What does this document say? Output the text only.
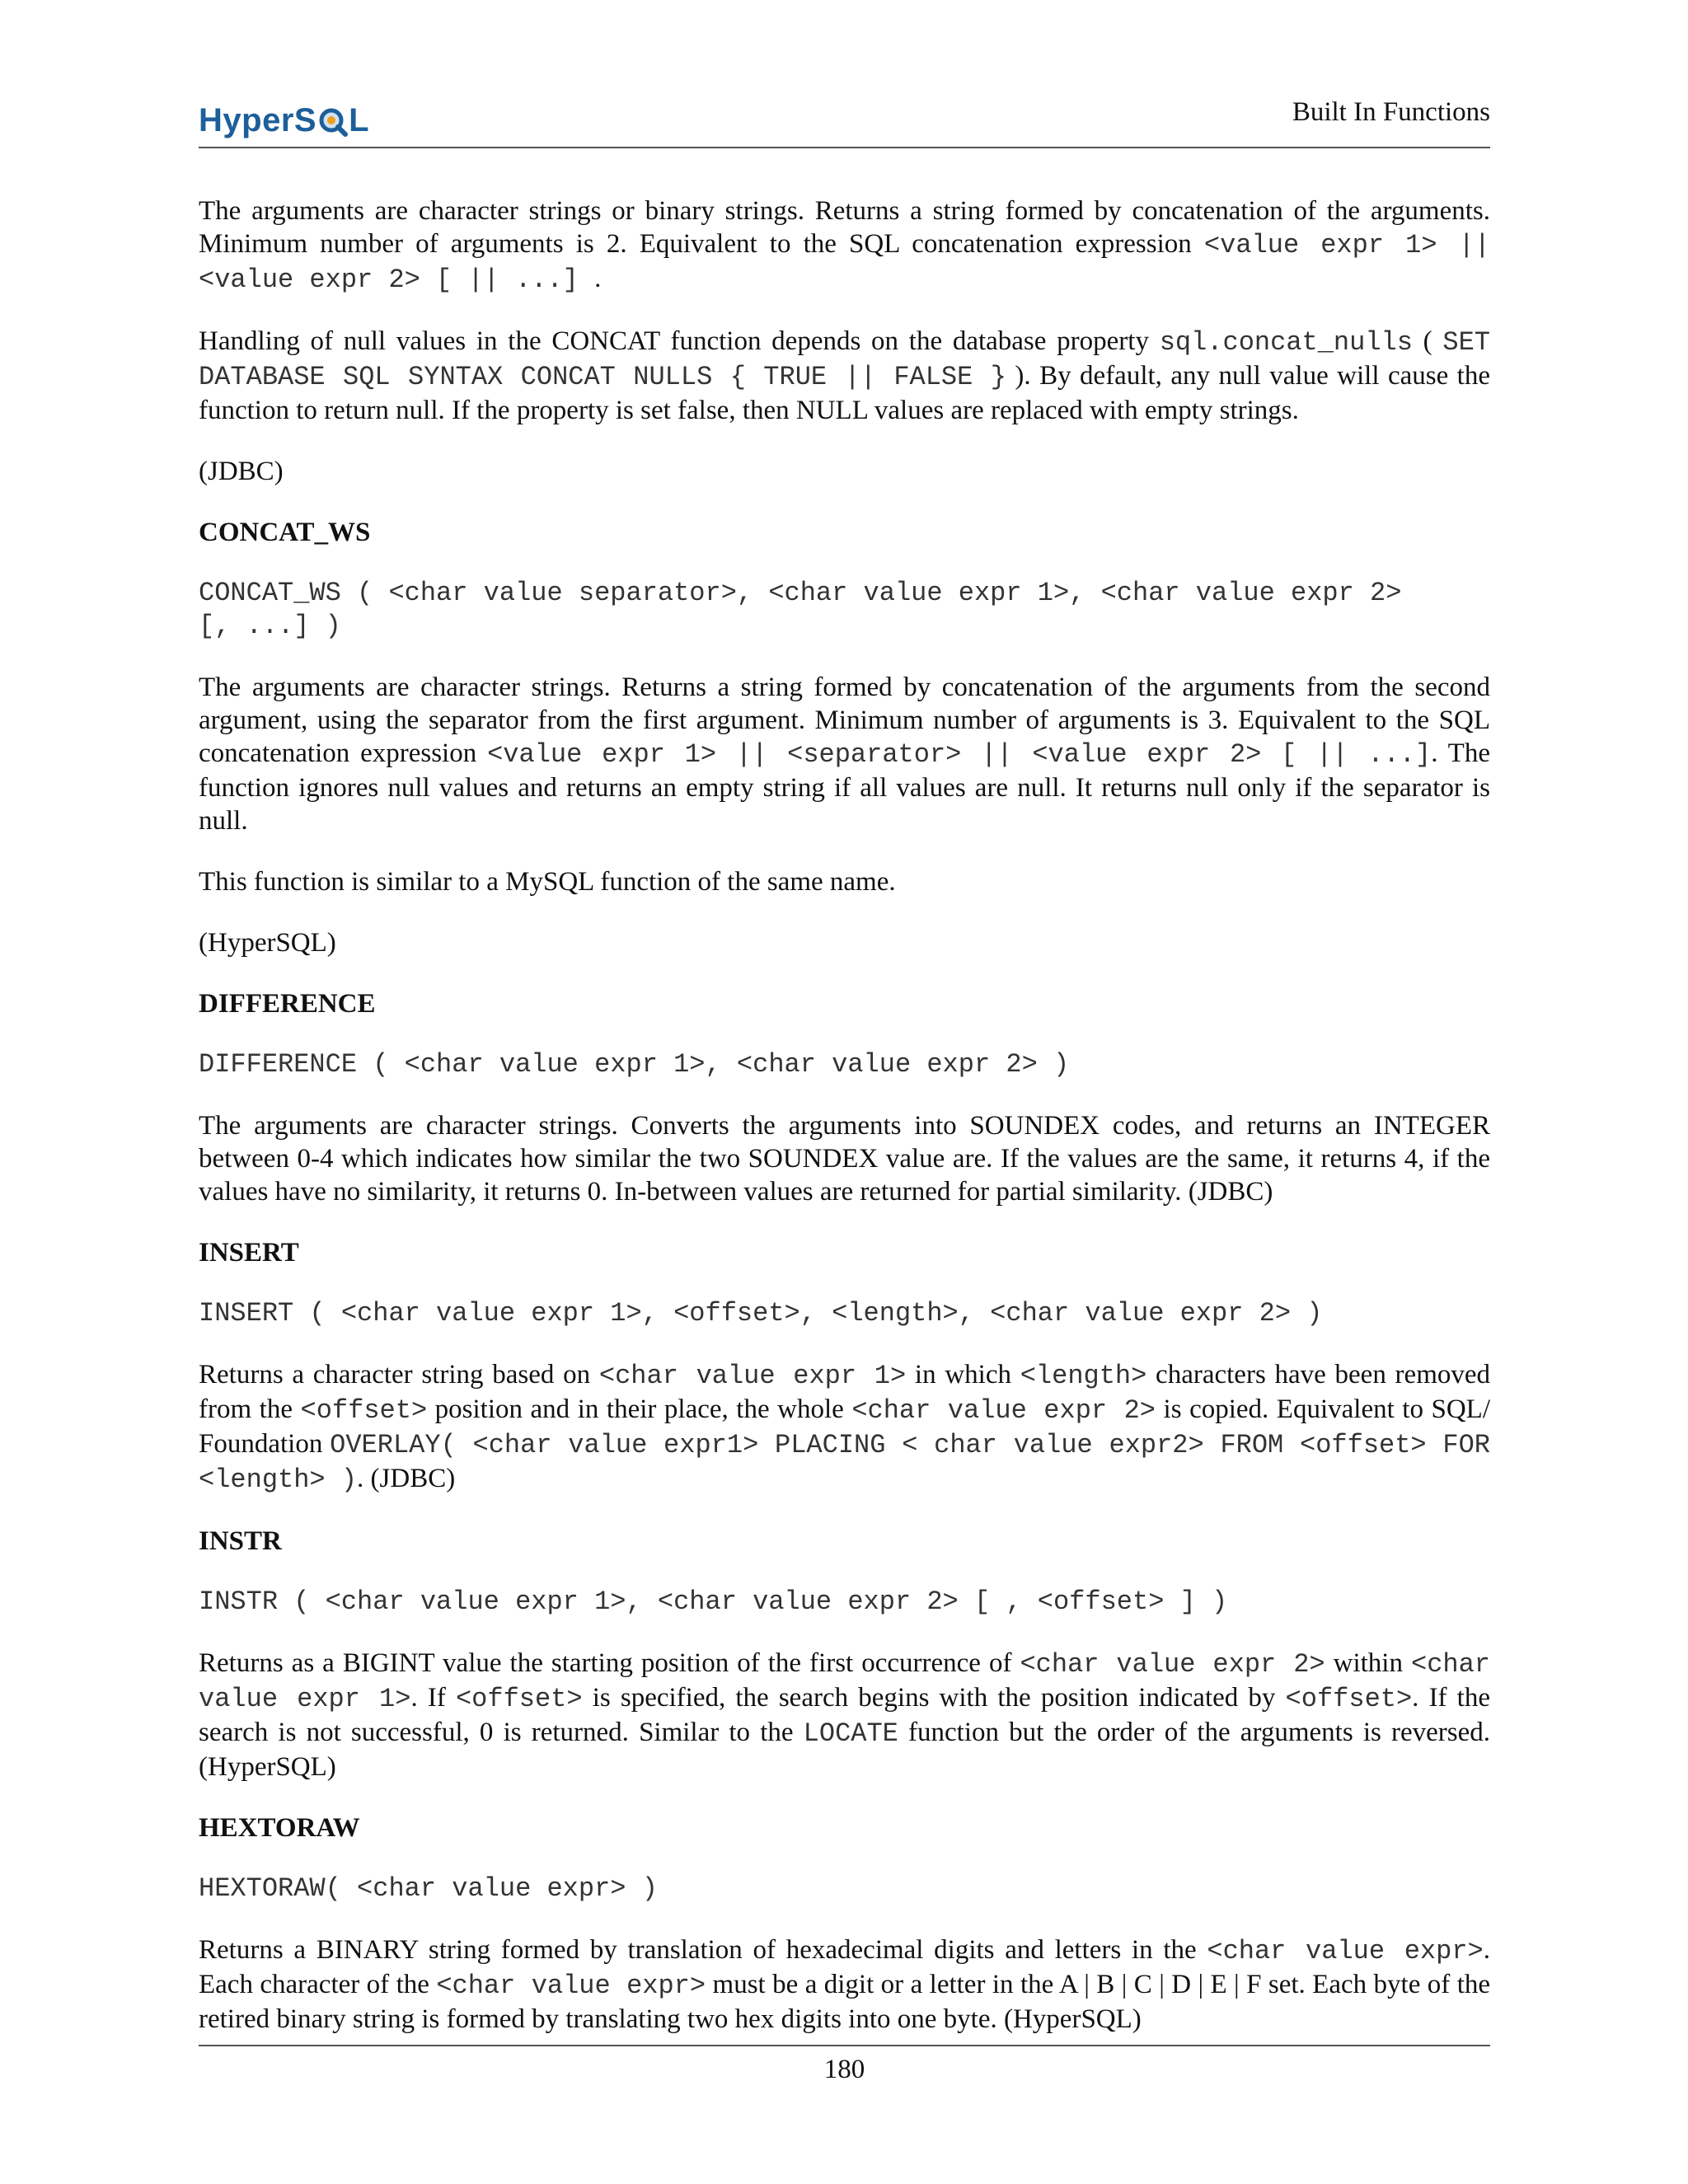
Hyper S L	Built In Functions

The arguments are character strings or binary strings. Returns a string formed by concatenation of the arguments. Minimum number of arguments is 2. Equivalent to the SQL concatenation expression <value expr 1> || <value expr 2> [ || ...] .

Handling of null values in the CONCAT function depends on the database property sql.concat_nulls ( SET DATABASE SQL SYNTAX CONCAT NULLS { TRUE || FALSE } ). By default, any null value will cause the function to return null. If the property is set false, then NULL values are replaced with empty strings.

(JDBC)

CONCAT_WS
CONCAT_WS ( <char value separator>, <char value expr 1>, <char value expr 2>
[, ...] )

The arguments are character strings. Returns a string formed by concatenation of the arguments from the second argument, using the separator from the first argument. Minimum number of arguments is 3. Equivalent to the SQL concatenation expression <value expr 1> || <separator> || <value expr 2> [ || ...]. The function ignores null values and returns an empty string if all values are null. It returns null only if the separator is null.

This function is similar to a MySQL function of the same name.

(HyperSQL)

DIFFERENCE
DIFFERENCE ( <char value expr 1>, <char value expr 2> )

The arguments are character strings. Converts the arguments into SOUNDEX codes, and returns an INTEGER between 0-4 which indicates how similar the two SOUNDEX value are. If the values are the same, it returns 4, if the values have no similarity, it returns 0. In-between values are returned for partial similarity. (JDBC)

INSERT
INSERT ( <char value expr 1>, <offset>, <length>, <char value expr 2> )

Returns a character string based on <char value expr 1> in which <length> characters have been removed from the <offset> position and in their place, the whole <char value expr 2> is copied. Equivalent to SQL/ Foundation OVERLAY( <char value expr1> PLACING < char value expr2> FROM <offset> FOR <length> ). (JDBC)

INSTR
INSTR ( <char value expr 1>, <char value expr 2> [ , <offset> ] )

Returns as a BIGINT value the starting position of the first occurrence of <char value expr 2> within <char value expr 1>. If <offset> is specified, the search begins with the position indicated by <offset>. If the search is not successful, 0 is returned. Similar to the LOCATE function but the order of the arguments is reversed. (HyperSQL)

HEXTORAW
HEXTORAW( <char value expr> )

Returns a BINARY string formed by translation of hexadecimal digits and letters in the <char value expr>. Each character of the <char value expr> must be a digit or a letter in the A | B | C | D | E | F set. Each byte of the retired binary string is formed by translating two hex digits into one byte. (HyperSQL)

180
